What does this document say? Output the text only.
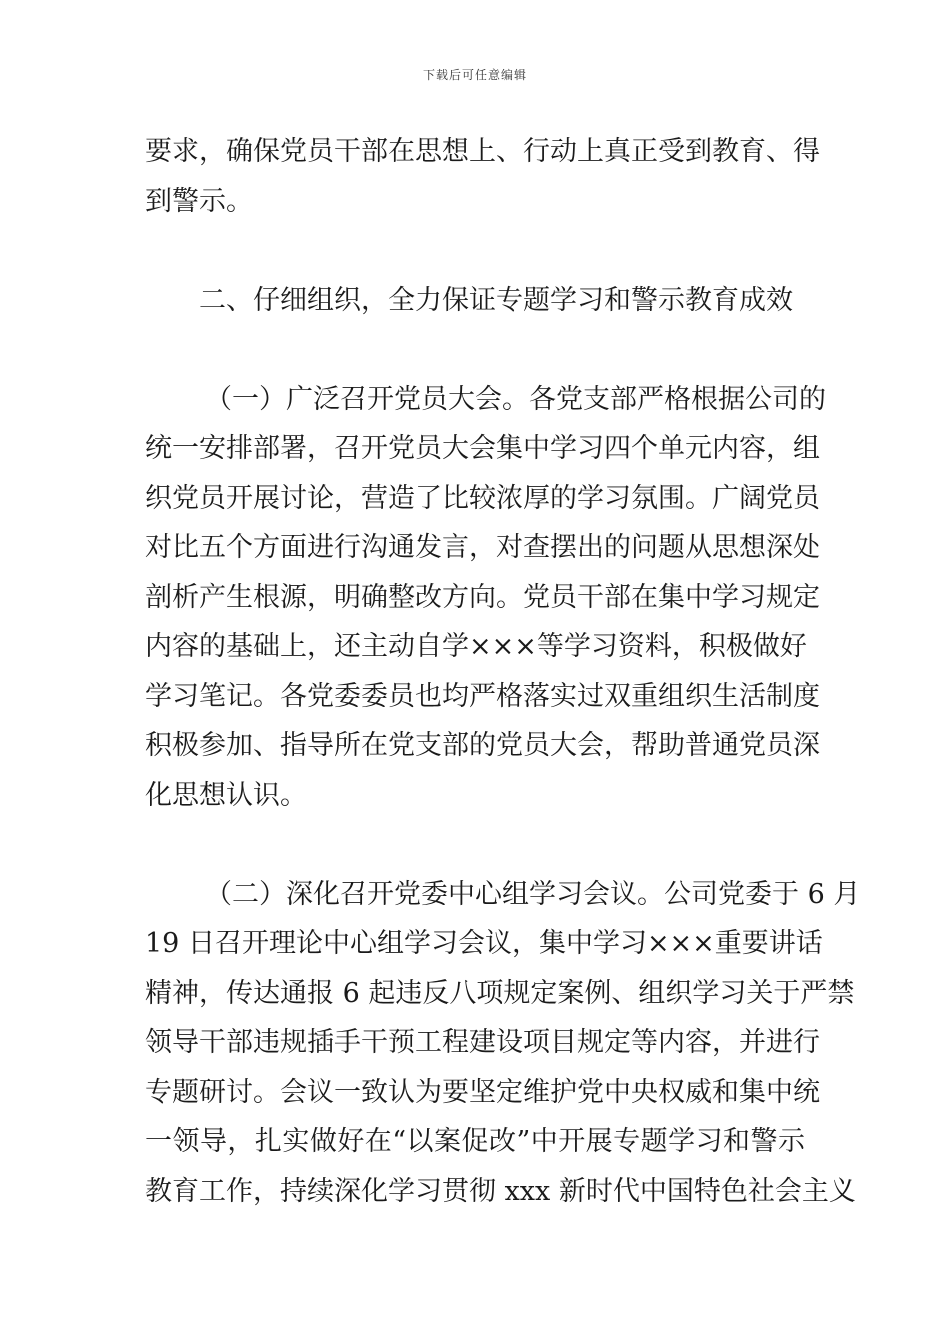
下载后可任意编辑
要求，确保党员干部在思想上、行动上真正受到教育、得
到警示。
二、仔细组织，全力保证专题学习和警示教育成效
（一）广泛召开党员大会。各党支部严格根据公司的
统一安排部署，召开党员大会集中学习四个单元内容，组
织党员开展讨论，营造了比较浓厚的学习氛围。广阔党员
对比五个方面进行沟通发言，对查摆出的问题从思想深处
剖析产生根源，明确整改方向。党员干部在集中学习规定
内容的基础上，还主动自学×××等学习资料，积极做好
学习笔记。各党委委员也均严格落实过双重组织生活制度
积极参加、指导所在党支部的党员大会，帮助普通党员深
化思想认识。
（二）深化召开党委中心组学习会议。公司党委于 6 月
19 日召开理论中心组学习会议，集中学习×××重要讲话
精神，传达通报 6 起违反八项规定案例、组织学习关于严禁
领导干部违规插手干预工程建设项目规定等内容，并进行
专题研讨。会议一致认为要坚定维护党中央权威和集中统
一领导，扎实做好在“以案促改”中开展专题学习和警示
教育工作，持续深化学习贯彻 xxx 新时代中国特色社会主义
